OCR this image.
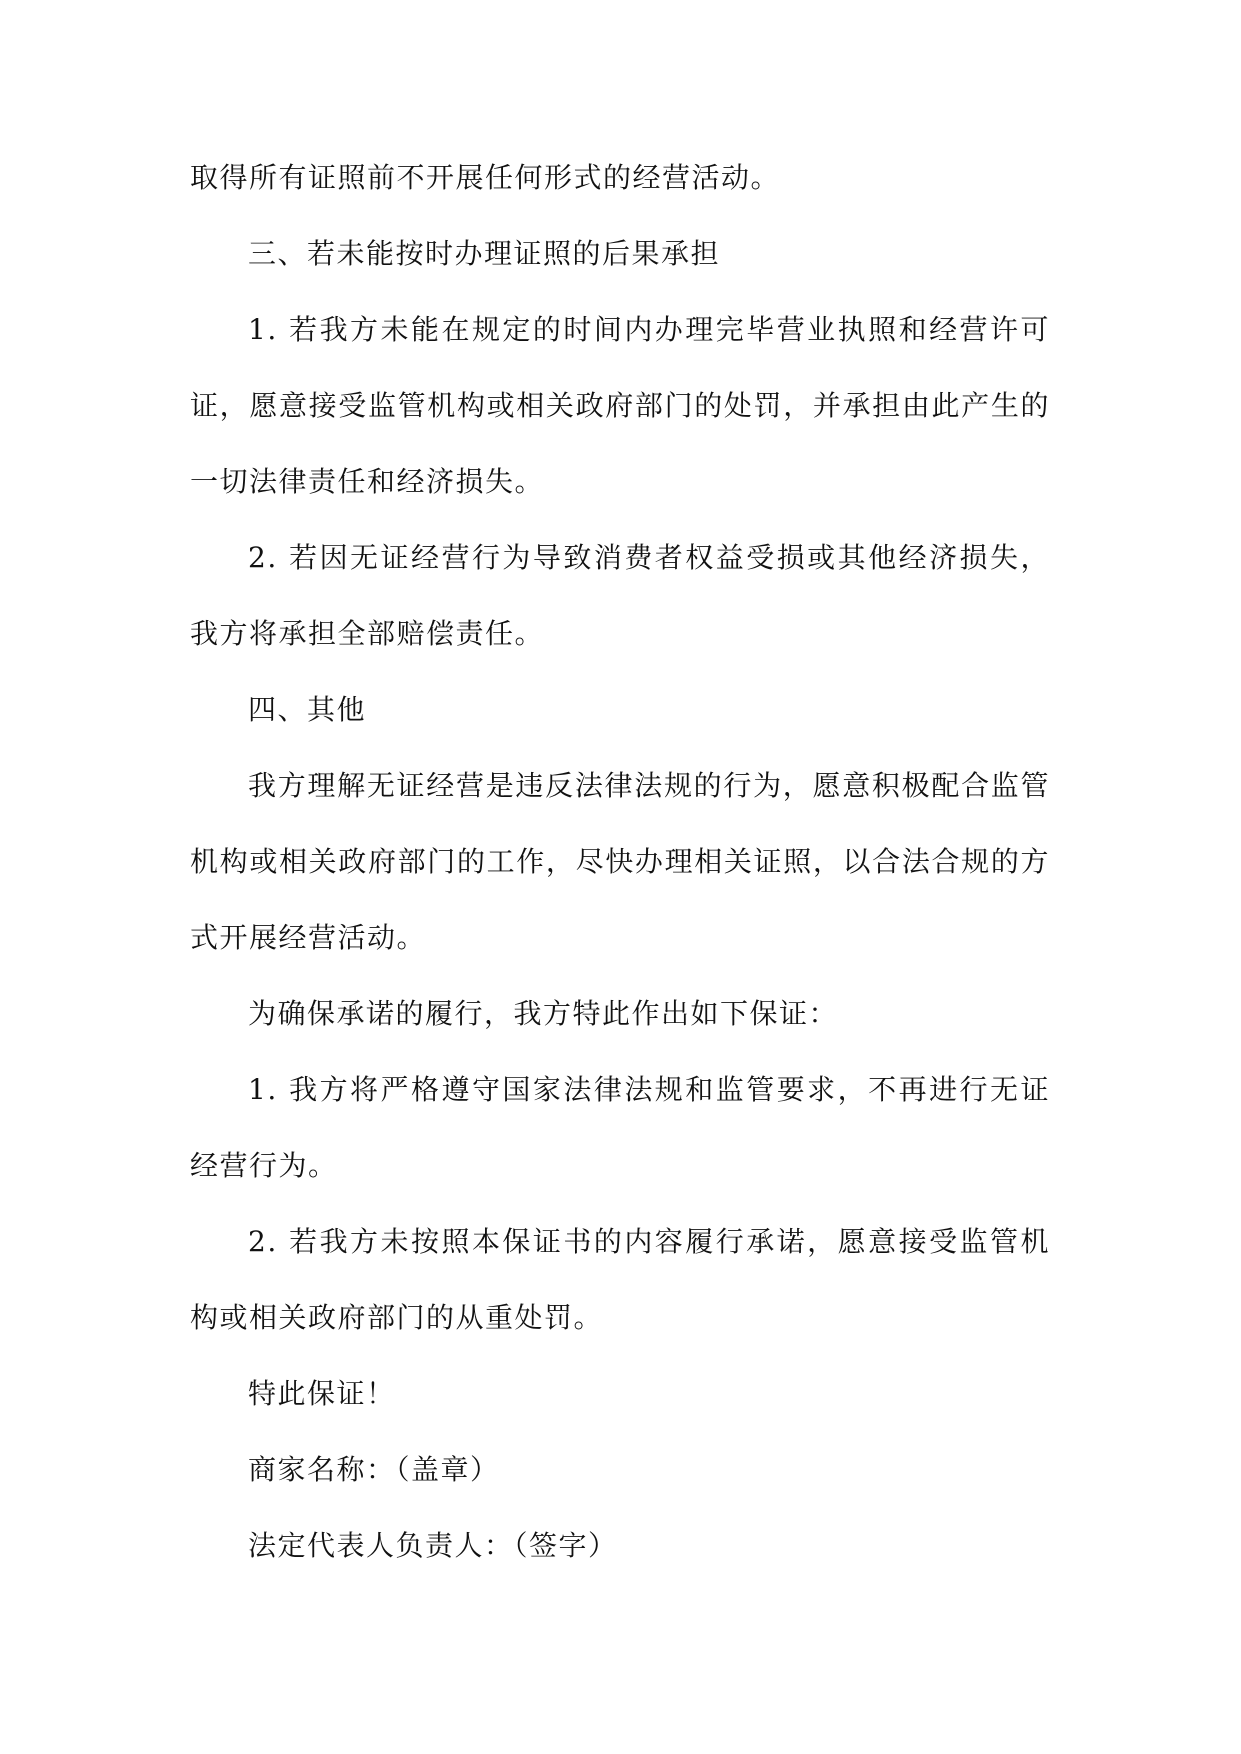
取得所有证照前不开展任何形式的经营活动。

三、若未能按时办理证照的后果承担

1. 若我方未能在规定的时间内办理完毕营业执照和经营许可证，愿意接受监管机构或相关政府部门的处罚，并承担由此产生的一切法律责任和经济损失。

2. 若因无证经营行为导致消费者权益受损或其他经济损失，我方将承担全部赔偿责任。

四、其他

我方理解无证经营是违反法律法规的行为，愿意积极配合监管机构或相关政府部门的工作，尽快办理相关证照，以合法合规的方式开展经营活动。

为确保承诺的履行，我方特此作出如下保证：

1. 我方将严格遵守国家法律法规和监管要求，不再进行无证经营行为。

2. 若我方未按照本保证书的内容履行承诺，愿意接受监管机构或相关政府部门的从重处罚。

特此保证！

商家名称：（盖章）

法定代表人负责人：（签字）
